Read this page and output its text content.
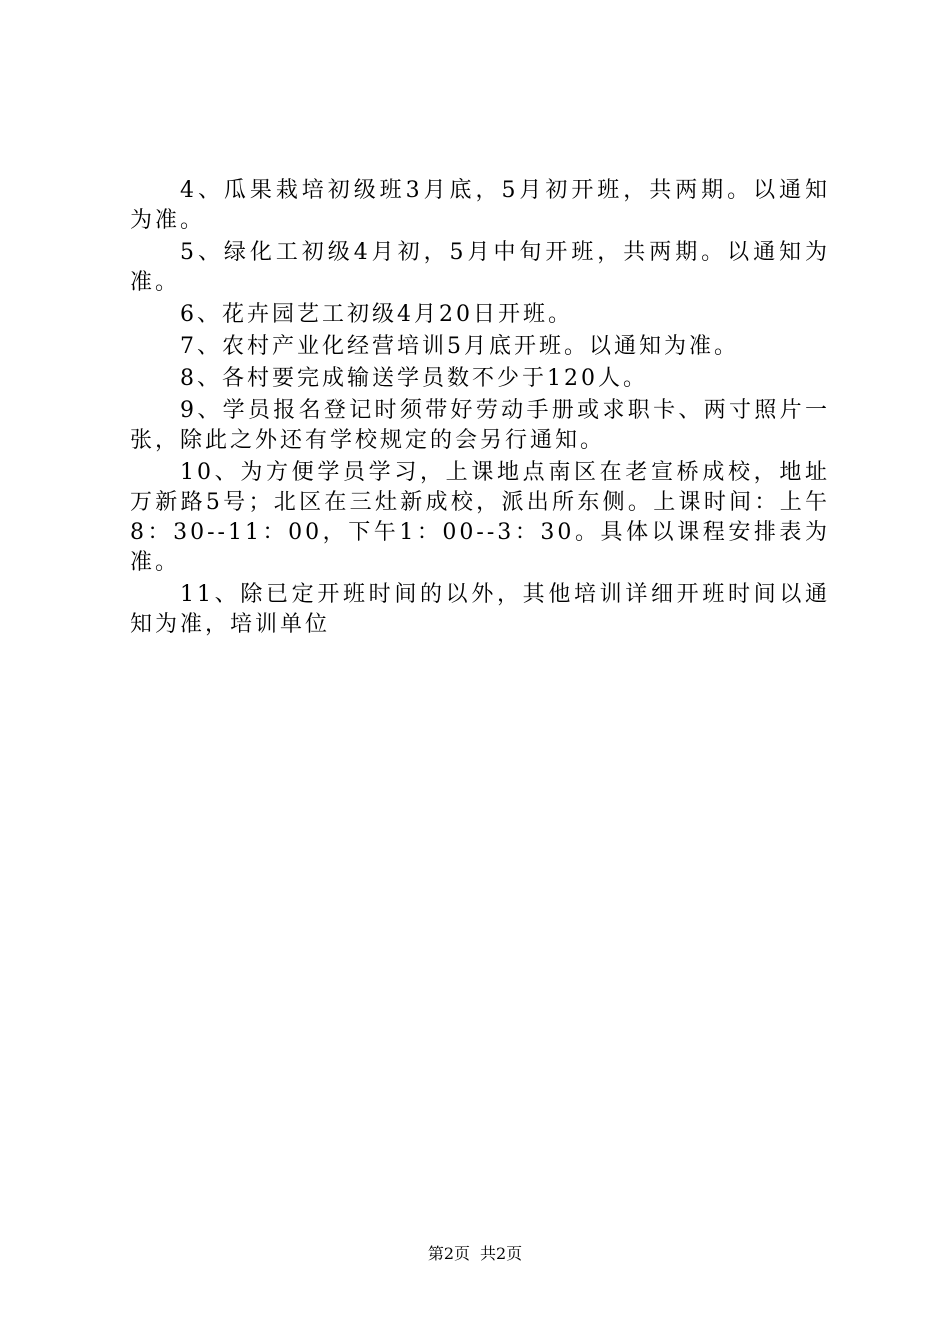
4、瓜果栽培初级班3月底，5月初开班，共两期。以通知为准。

5、绿化工初级4月初，5月中旬开班，共两期。以通知为准。

6、花卉园艺工初级4月20日开班。

7、农村产业化经营培训5月底开班。以通知为准。

8、各村要完成输送学员数不少于120人。

9、学员报名登记时须带好劳动手册或求职卡、两寸照片一张，除此之外还有学校规定的会另行通知。

10、为方便学员学习，上课地点南区在老宣桥成校，地址万新路5号；北区在三灶新成校，派出所东侧。上课时间：上午8：30--11：00，下午1：00--3：30。具体以课程安排表为准。

11、除已定开班时间的以外，其他培训详细开班时间以通知为准，培训单位

第2页 共2页
